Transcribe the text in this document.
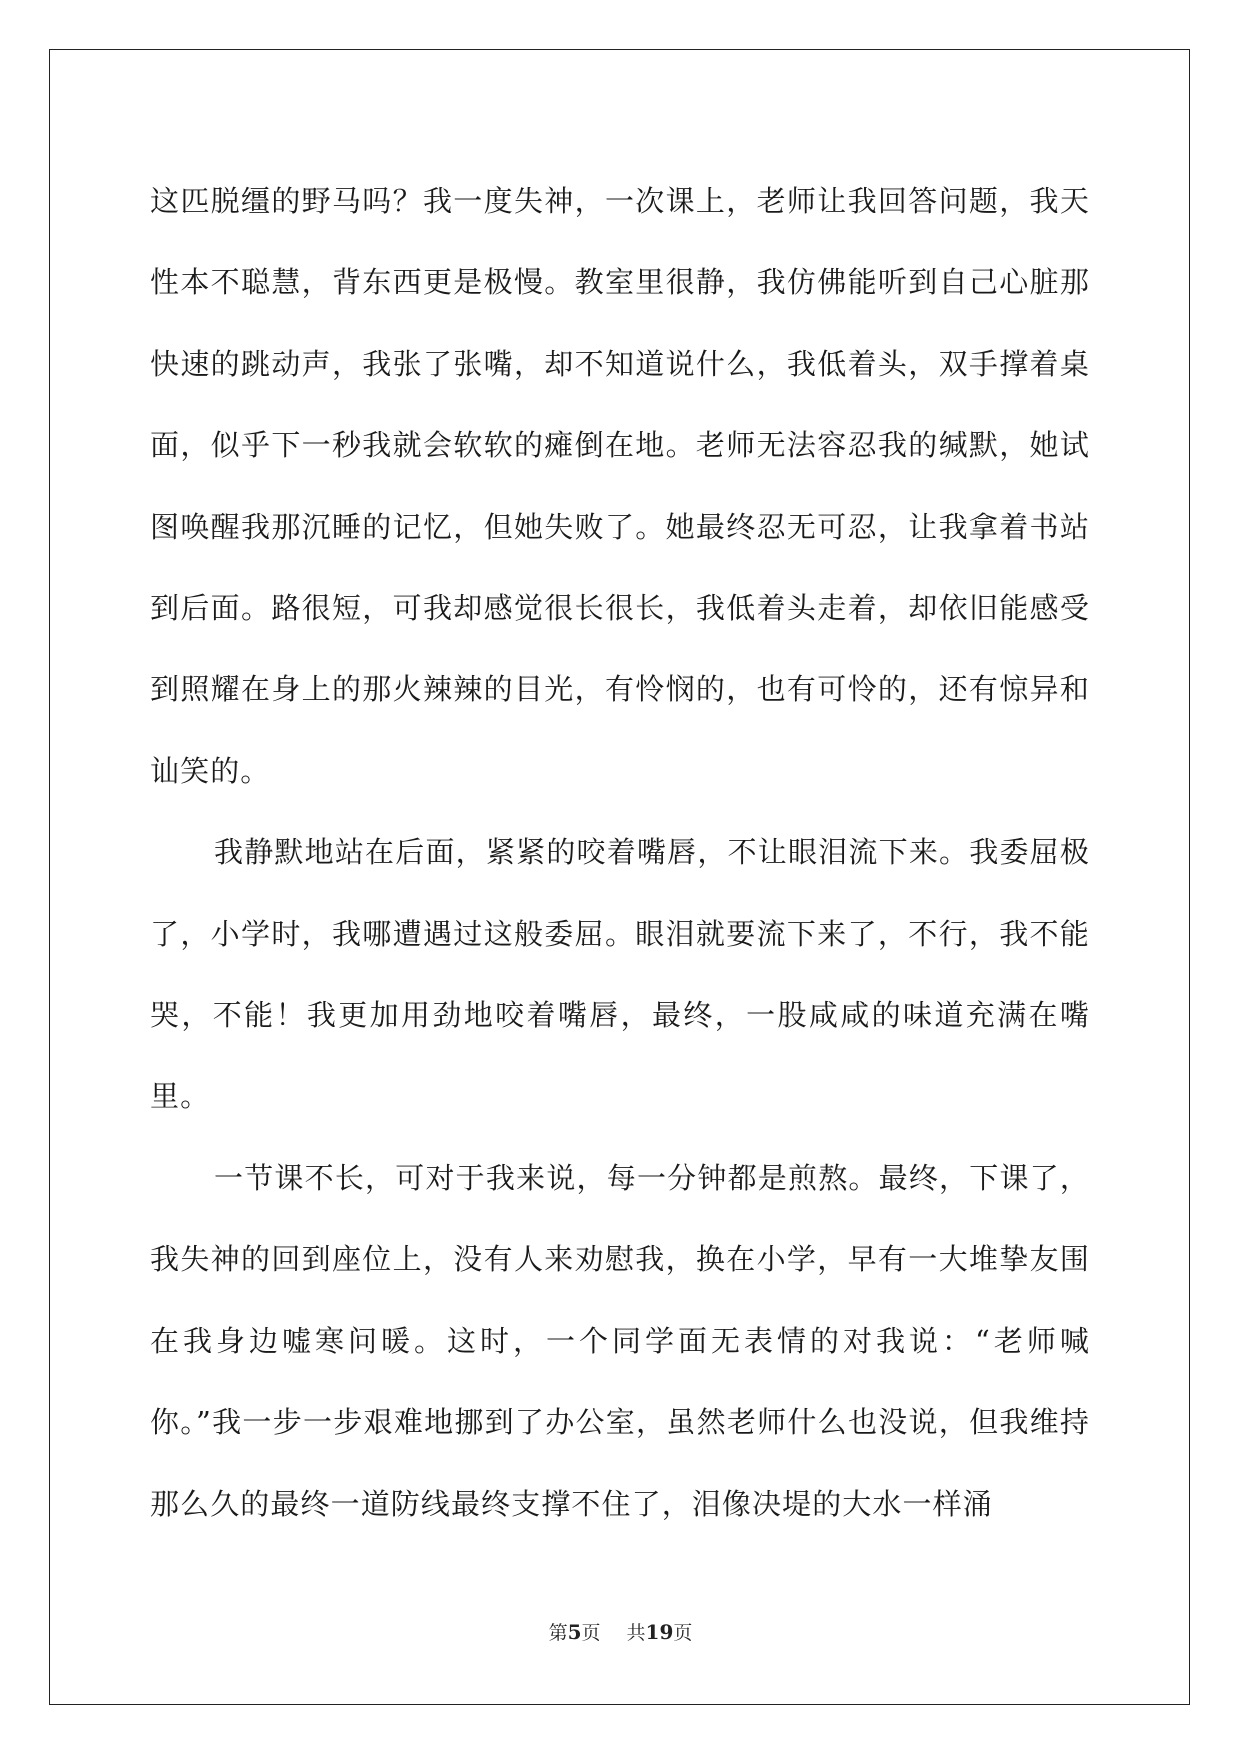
这匹脱缰的野马吗？我一度失神，一次课上，老师让我回答问题，我天性本不聪慧，背东西更是极慢。教室里很静，我仿佛能听到自己心脏那快速的跳动声，我张了张嘴，却不知道说什么，我低着头，双手撑着桌面，似乎下一秒我就会软软的瘫倒在地。老师无法容忍我的缄默，她试图唤醒我那沉睡的记忆，但她失败了。她最终忍无可忍，让我拿着书站到后面。路很短，可我却感觉很长很长，我低着头走着，却依旧能感受到照耀在身上的那火辣辣的目光，有怜悯的，也有可怜的，还有惊异和讪笑的。

我静默地站在后面，紧紧的咬着嘴唇，不让眼泪流下来。我委屈极了，小学时，我哪遭遇过这般委屈。眼泪就要流下来了，不行，我不能哭，不能！我更加用劲地咬着嘴唇，最终，一股咸咸的味道充满在嘴里。

一节课不长，可对于我来说，每一分钟都是煎熬。最终，下课了，我失神的回到座位上，没有人来劝慰我，换在小学，早有一大堆挚友围在我身边嘘寒问暖。这时，一个同学面无表情的对我说：“老师喊你。”我一步一步艰难地挪到了办公室，虽然老师什么也没说，但我维持那么久的最终一道防线最终支撑不住了，泪像决堤的大水一样涌

第5页 共19页
